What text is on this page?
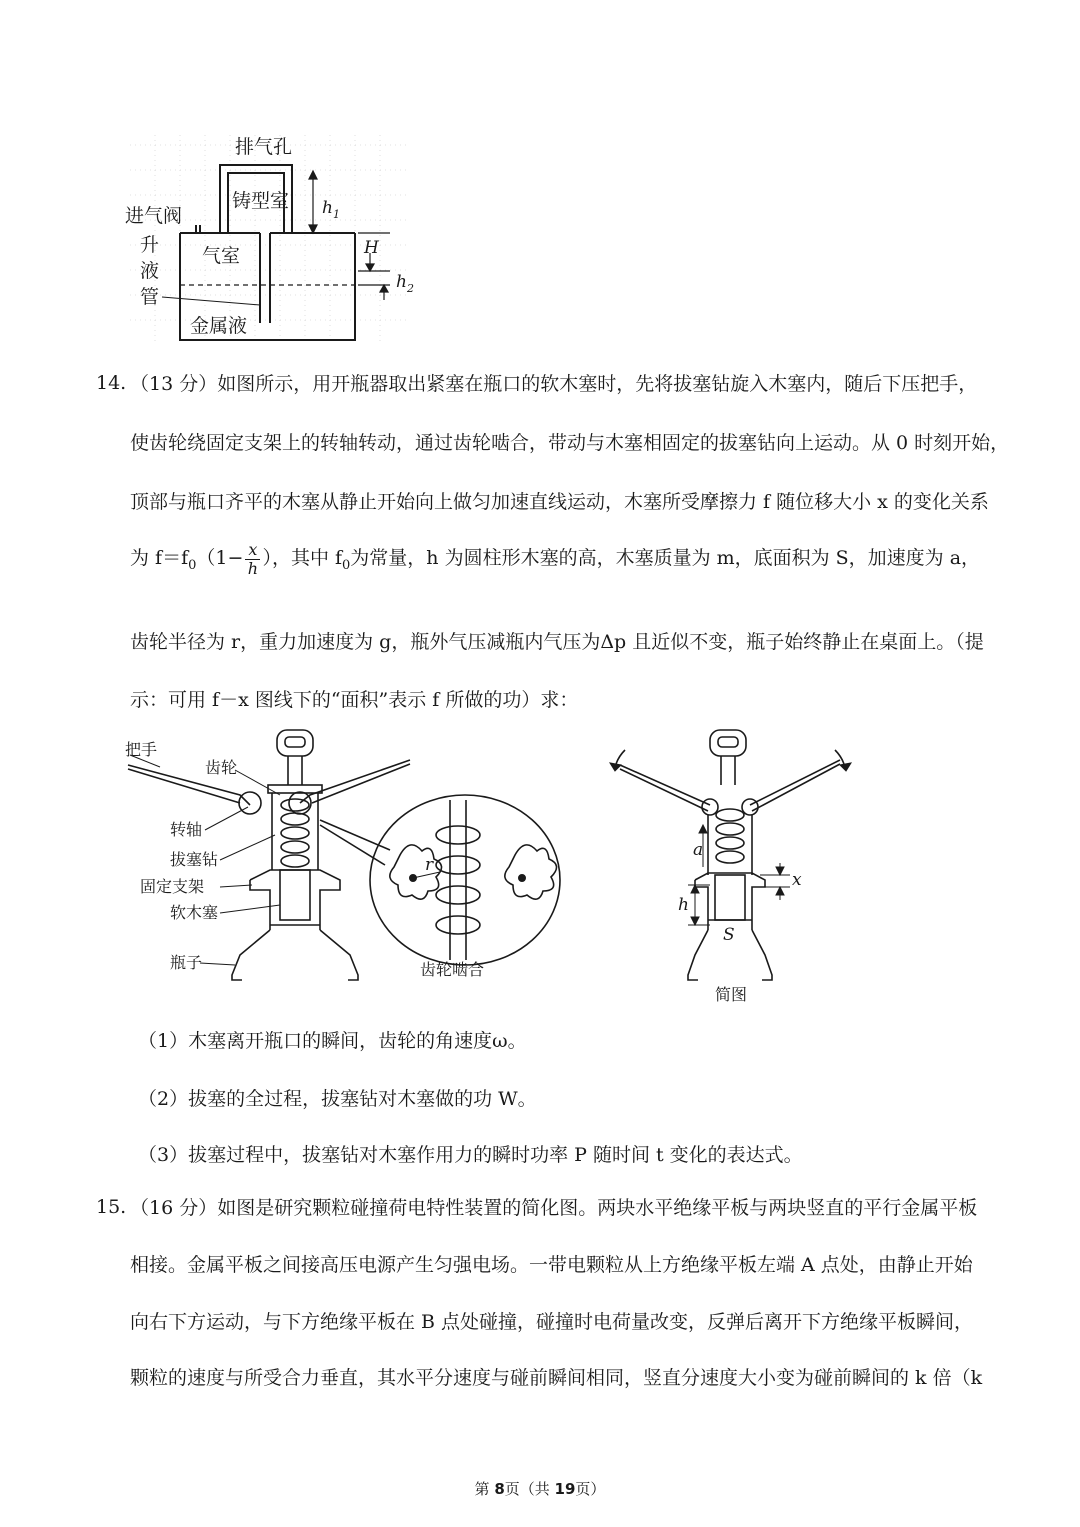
排气孔
铸型室
进气阀
气室
升
液
管
金属液
$h_1$
H
$h_2$
14. （13 分）如图所示，用开瓶器取出紧塞在瓶口的软木塞时，先将拔塞钻旋入木塞内，随后下压把手，
使齿轮绕固定支架上的转轴转动，通过齿轮啮合，带动与木塞相固定的拔塞钻向上运动。从 0 时刻开始，
顶部与瓶口齐平的木塞从静止开始向上做匀加速直线运动，木塞所受摩擦力 f 随位移大小 x 的变化关系
为 $f=f_0(1- \frac{x}{h}$ ），其中 $f_0$为常量，h 为圆柱形木塞的高，木塞质量为 m，底面积为 S，加速度为 a，
齿轮半径为 r，重力加速度为 g，瓶外气压减瓶内气压为Δp 且近似不变，瓶子始终静止在桌面上。（提
示：可用 f－x 图线下的“面积”表示 f 所做的功）求：
把手
齿轮
转轴
拔塞钻
固定支架
软木塞
瓶子	齿轮啮合
简图
r
a
h
x
S
（1）木塞离开瓶口的瞬间，齿轮的角速度ω。
（2）拔塞的全过程，拔塞钻对木塞做的功 W。
（3）拔塞过程中，拔塞钻对木塞作用力的瞬时功率 P 随时间 t 变化的表达式。
15. （16 分）如图是研究颗粒碰撞荷电特性装置的简化图。两块水平绝缘平板与两块竖直的平行金属平板
相接。金属平板之间接高压电源产生匀强电场。一带电颗粒从上方绝缘平板左端 A 点处，由静止开始
向右下方运动，与下方绝缘平板在 B 点处碰撞，碰撞时电荷量改变，反弹后离开下方绝缘平板瞬间，
颗粒的速度与所受合力垂直，其水平分速度与碰前瞬间相同，竖直分速度大小变为碰前瞬间的 k 倍（k
第 8页（共 19页）
